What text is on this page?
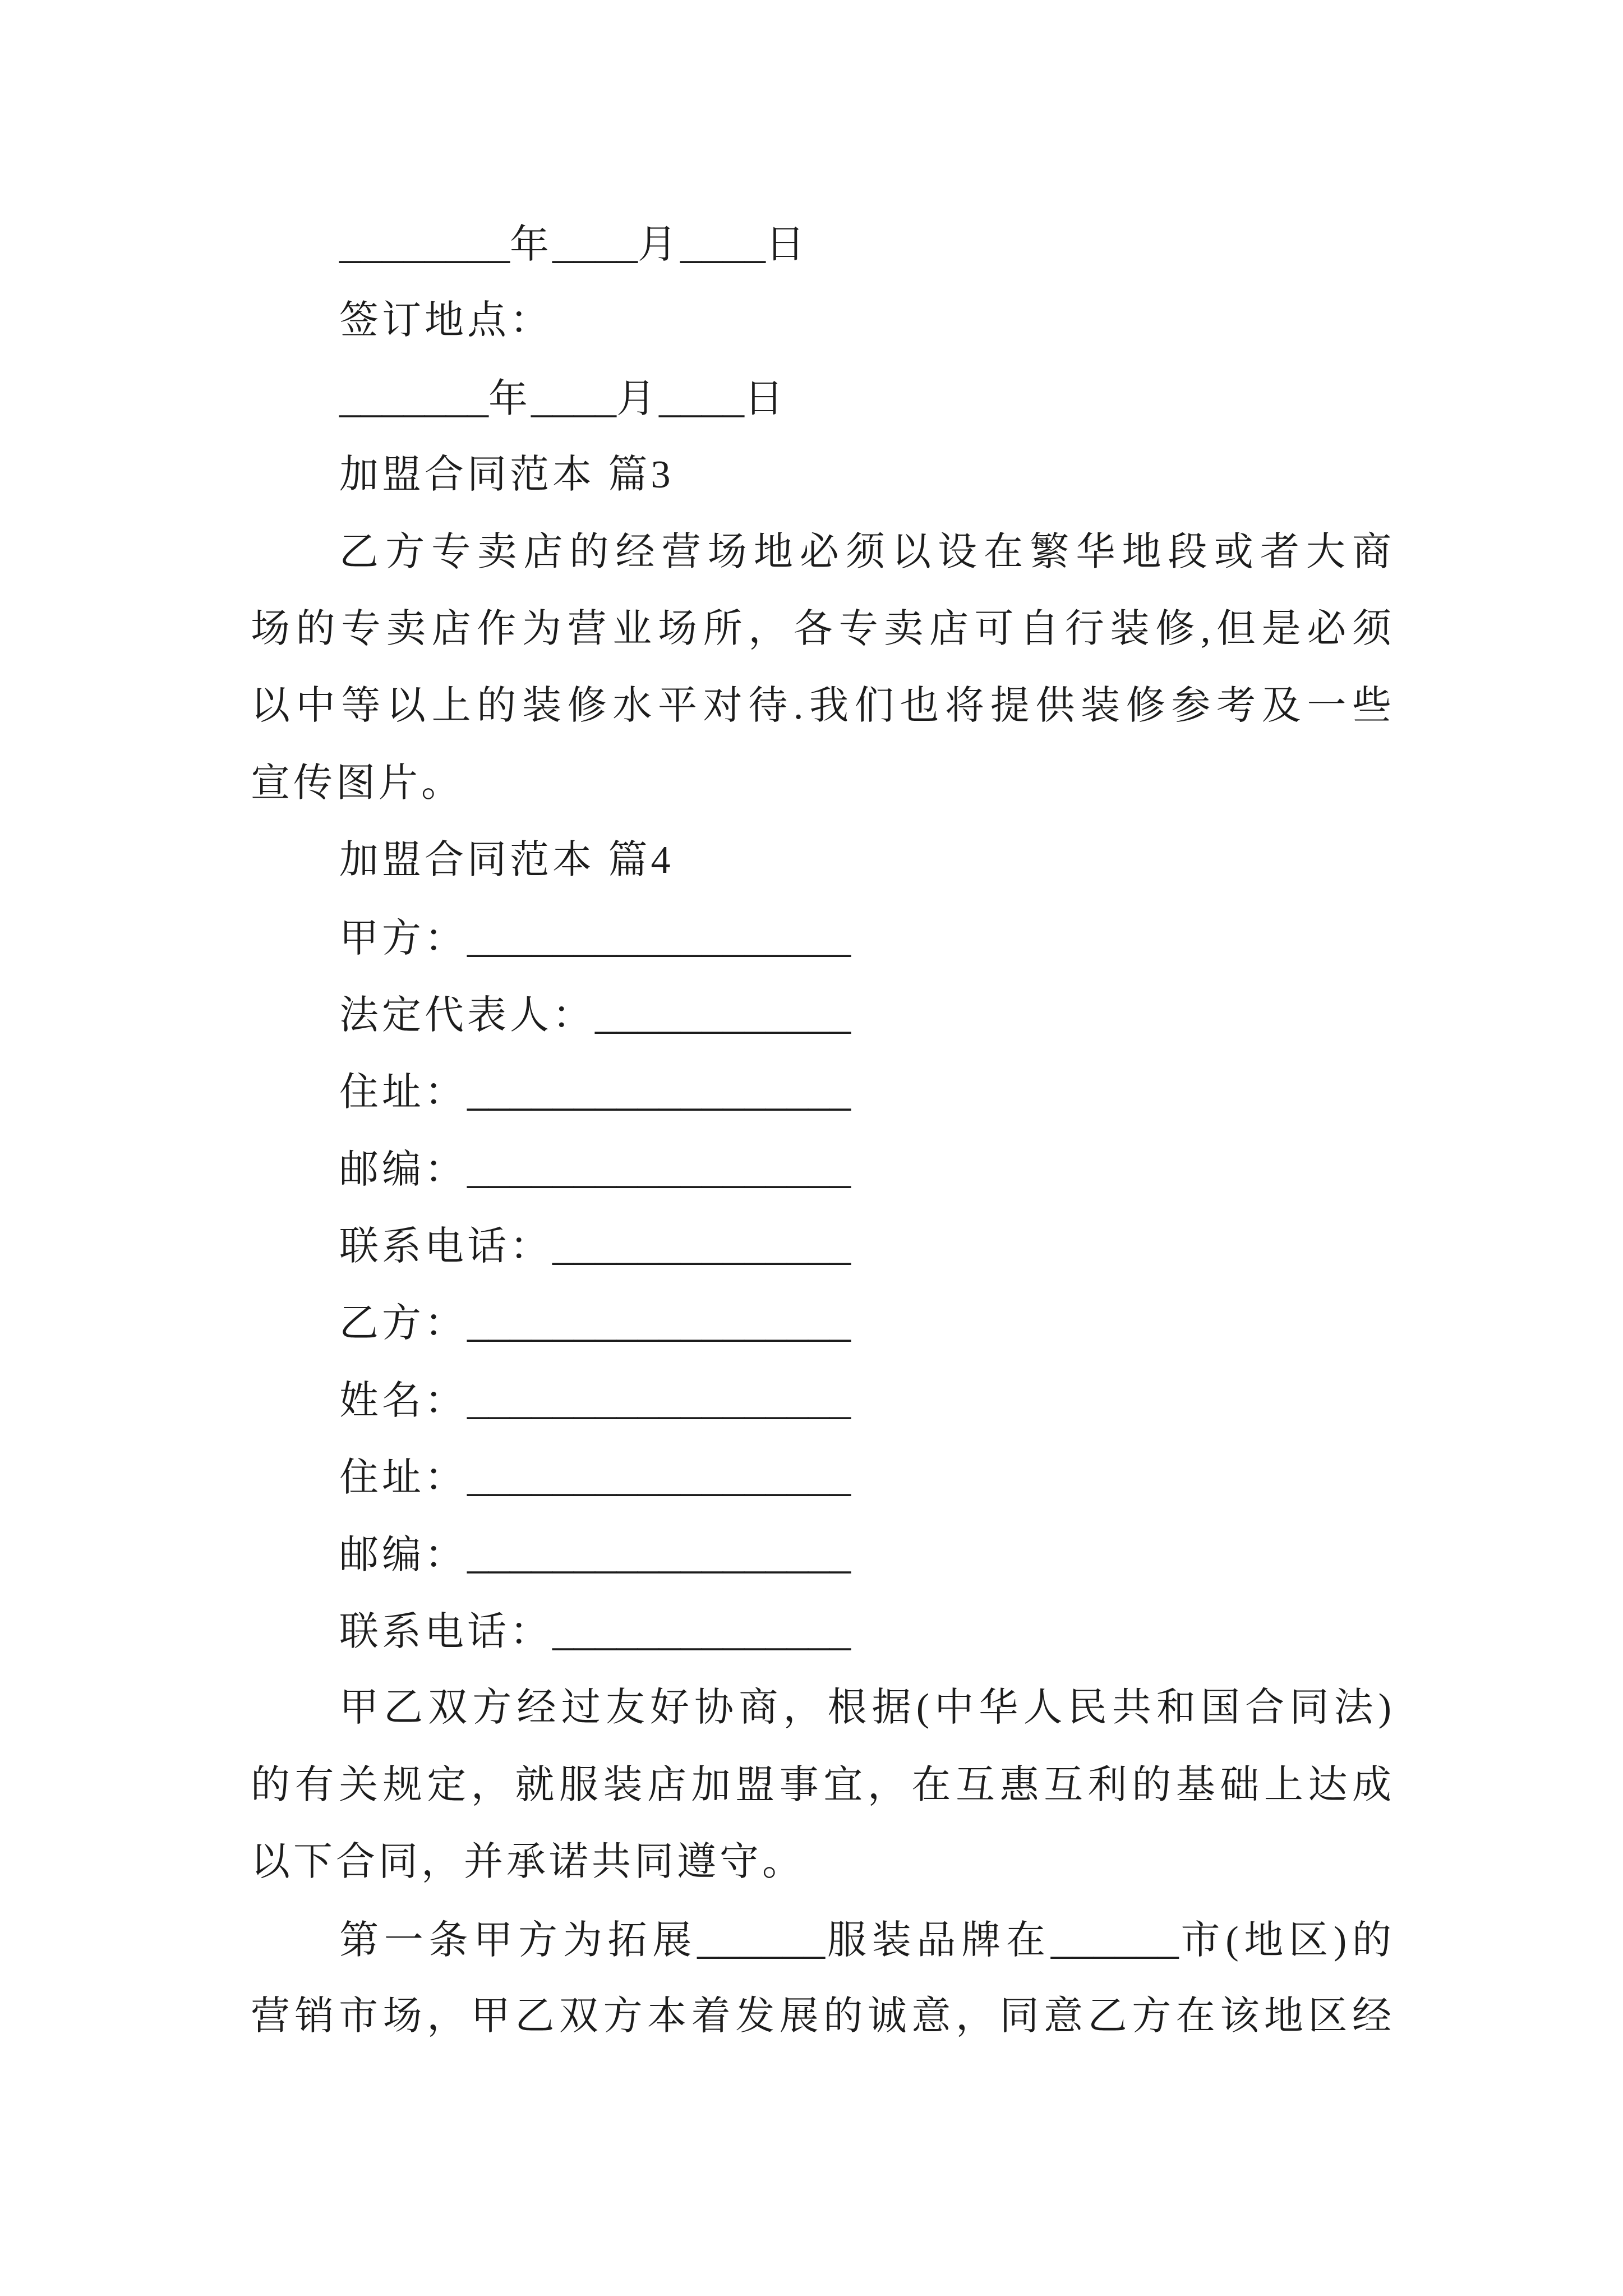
________年____月____日
签订地点：
_______年____月____日
加盟合同范本 篇3
乙方专卖店的经营场地必须以设在繁华地段或者大商
场的专卖店作为营业场所，各专卖店可自行装修,但是必须
以中等以上的装修水平对待.我们也将提供装修参考及一些
宣传图片。
加盟合同范本 篇4
甲方：__________________
法定代表人：____________
住址：__________________
邮编：__________________
联系电话：______________
乙方：__________________
姓名：__________________
住址：__________________
邮编：__________________
联系电话：______________
甲乙双方经过友好协商，根据(中华人民共和国合同法)
的有关规定，就服装店加盟事宜，在互惠互利的基础上达成
以下合同，并承诺共同遵守。
第一条甲方为拓展______服装品牌在______市(地区)的
营销市场，甲乙双方本着发展的诚意，同意乙方在该地区经
